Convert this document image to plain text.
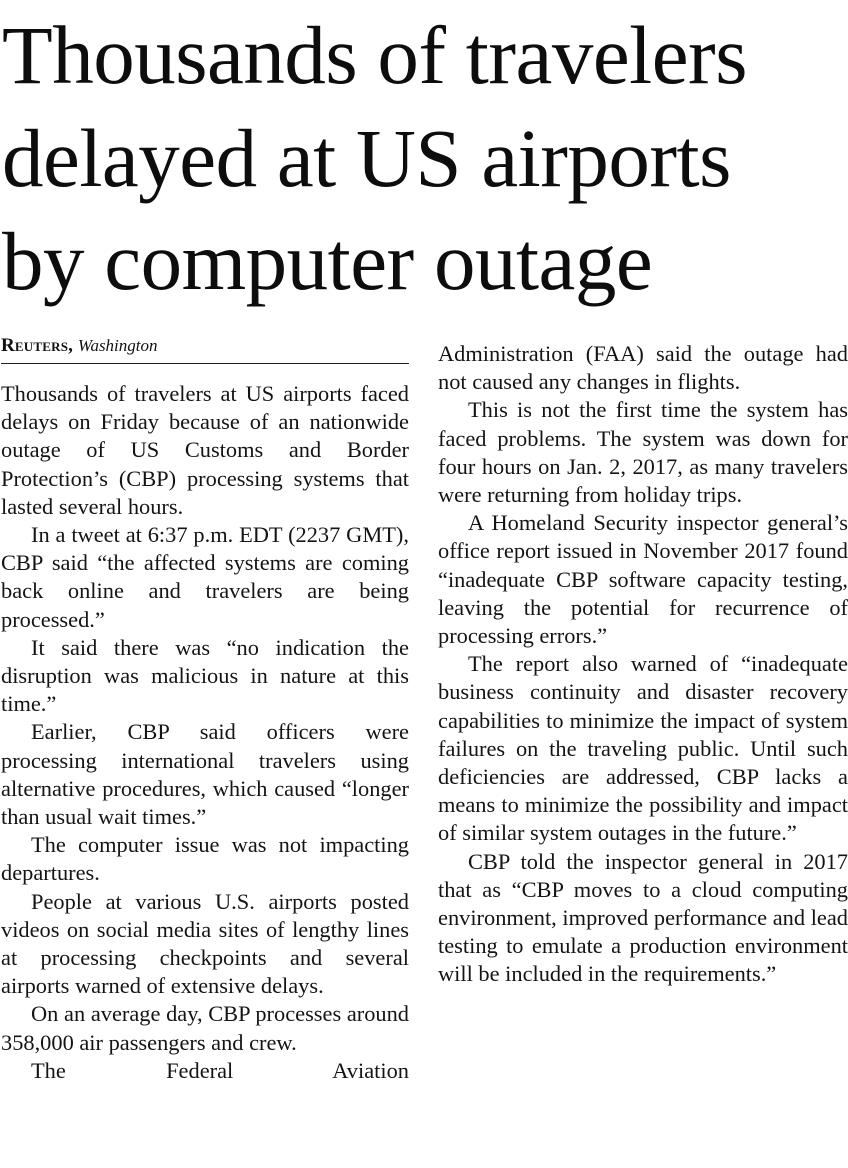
Thousands of travelers
delayed at US airports
by computer outage
Reuters, Washington

Thousands of travelers at US airports faced delays on Friday because of an nationwide outage of US Customs and Border Protection’s (CBP) processing systems that lasted several hours.

In a tweet at 6:37 p.m. EDT (2237 GMT), CBP said “the affected systems are coming back online and travelers are being processed.”

It said there was “no indication the disruption was malicious in nature at this time.”

Earlier, CBP said officers were processing international travelers using alternative procedures, which caused “longer than usual wait times.”

The computer issue was not impacting departures.

People at various U.S. airports posted videos on social media sites of lengthy lines at processing checkpoints and several airports warned of extensive delays.

On an average day, CBP processes around 358,000 air passengers and crew.

The Federal Aviation

Administration (FAA) said the outage had not caused any changes in flights.

This is not the first time the system has faced problems. The system was down for four hours on Jan. 2, 2017, as many travelers were returning from holiday trips.

A Homeland Security inspector general’s office report issued in November 2017 found “inadequate CBP software capacity testing, leaving the potential for recurrence of processing errors.”

The report also warned of “inadequate business continuity and disaster recovery capabilities to minimize the impact of system failures on the traveling public. Until such deficiencies are addressed, CBP lacks a means to minimize the possibility and impact of similar system outages in the future.”

CBP told the inspector general in 2017 that as “CBP moves to a cloud computing environment, improved performance and lead testing to emulate a production environment will be included in the requirements.”
